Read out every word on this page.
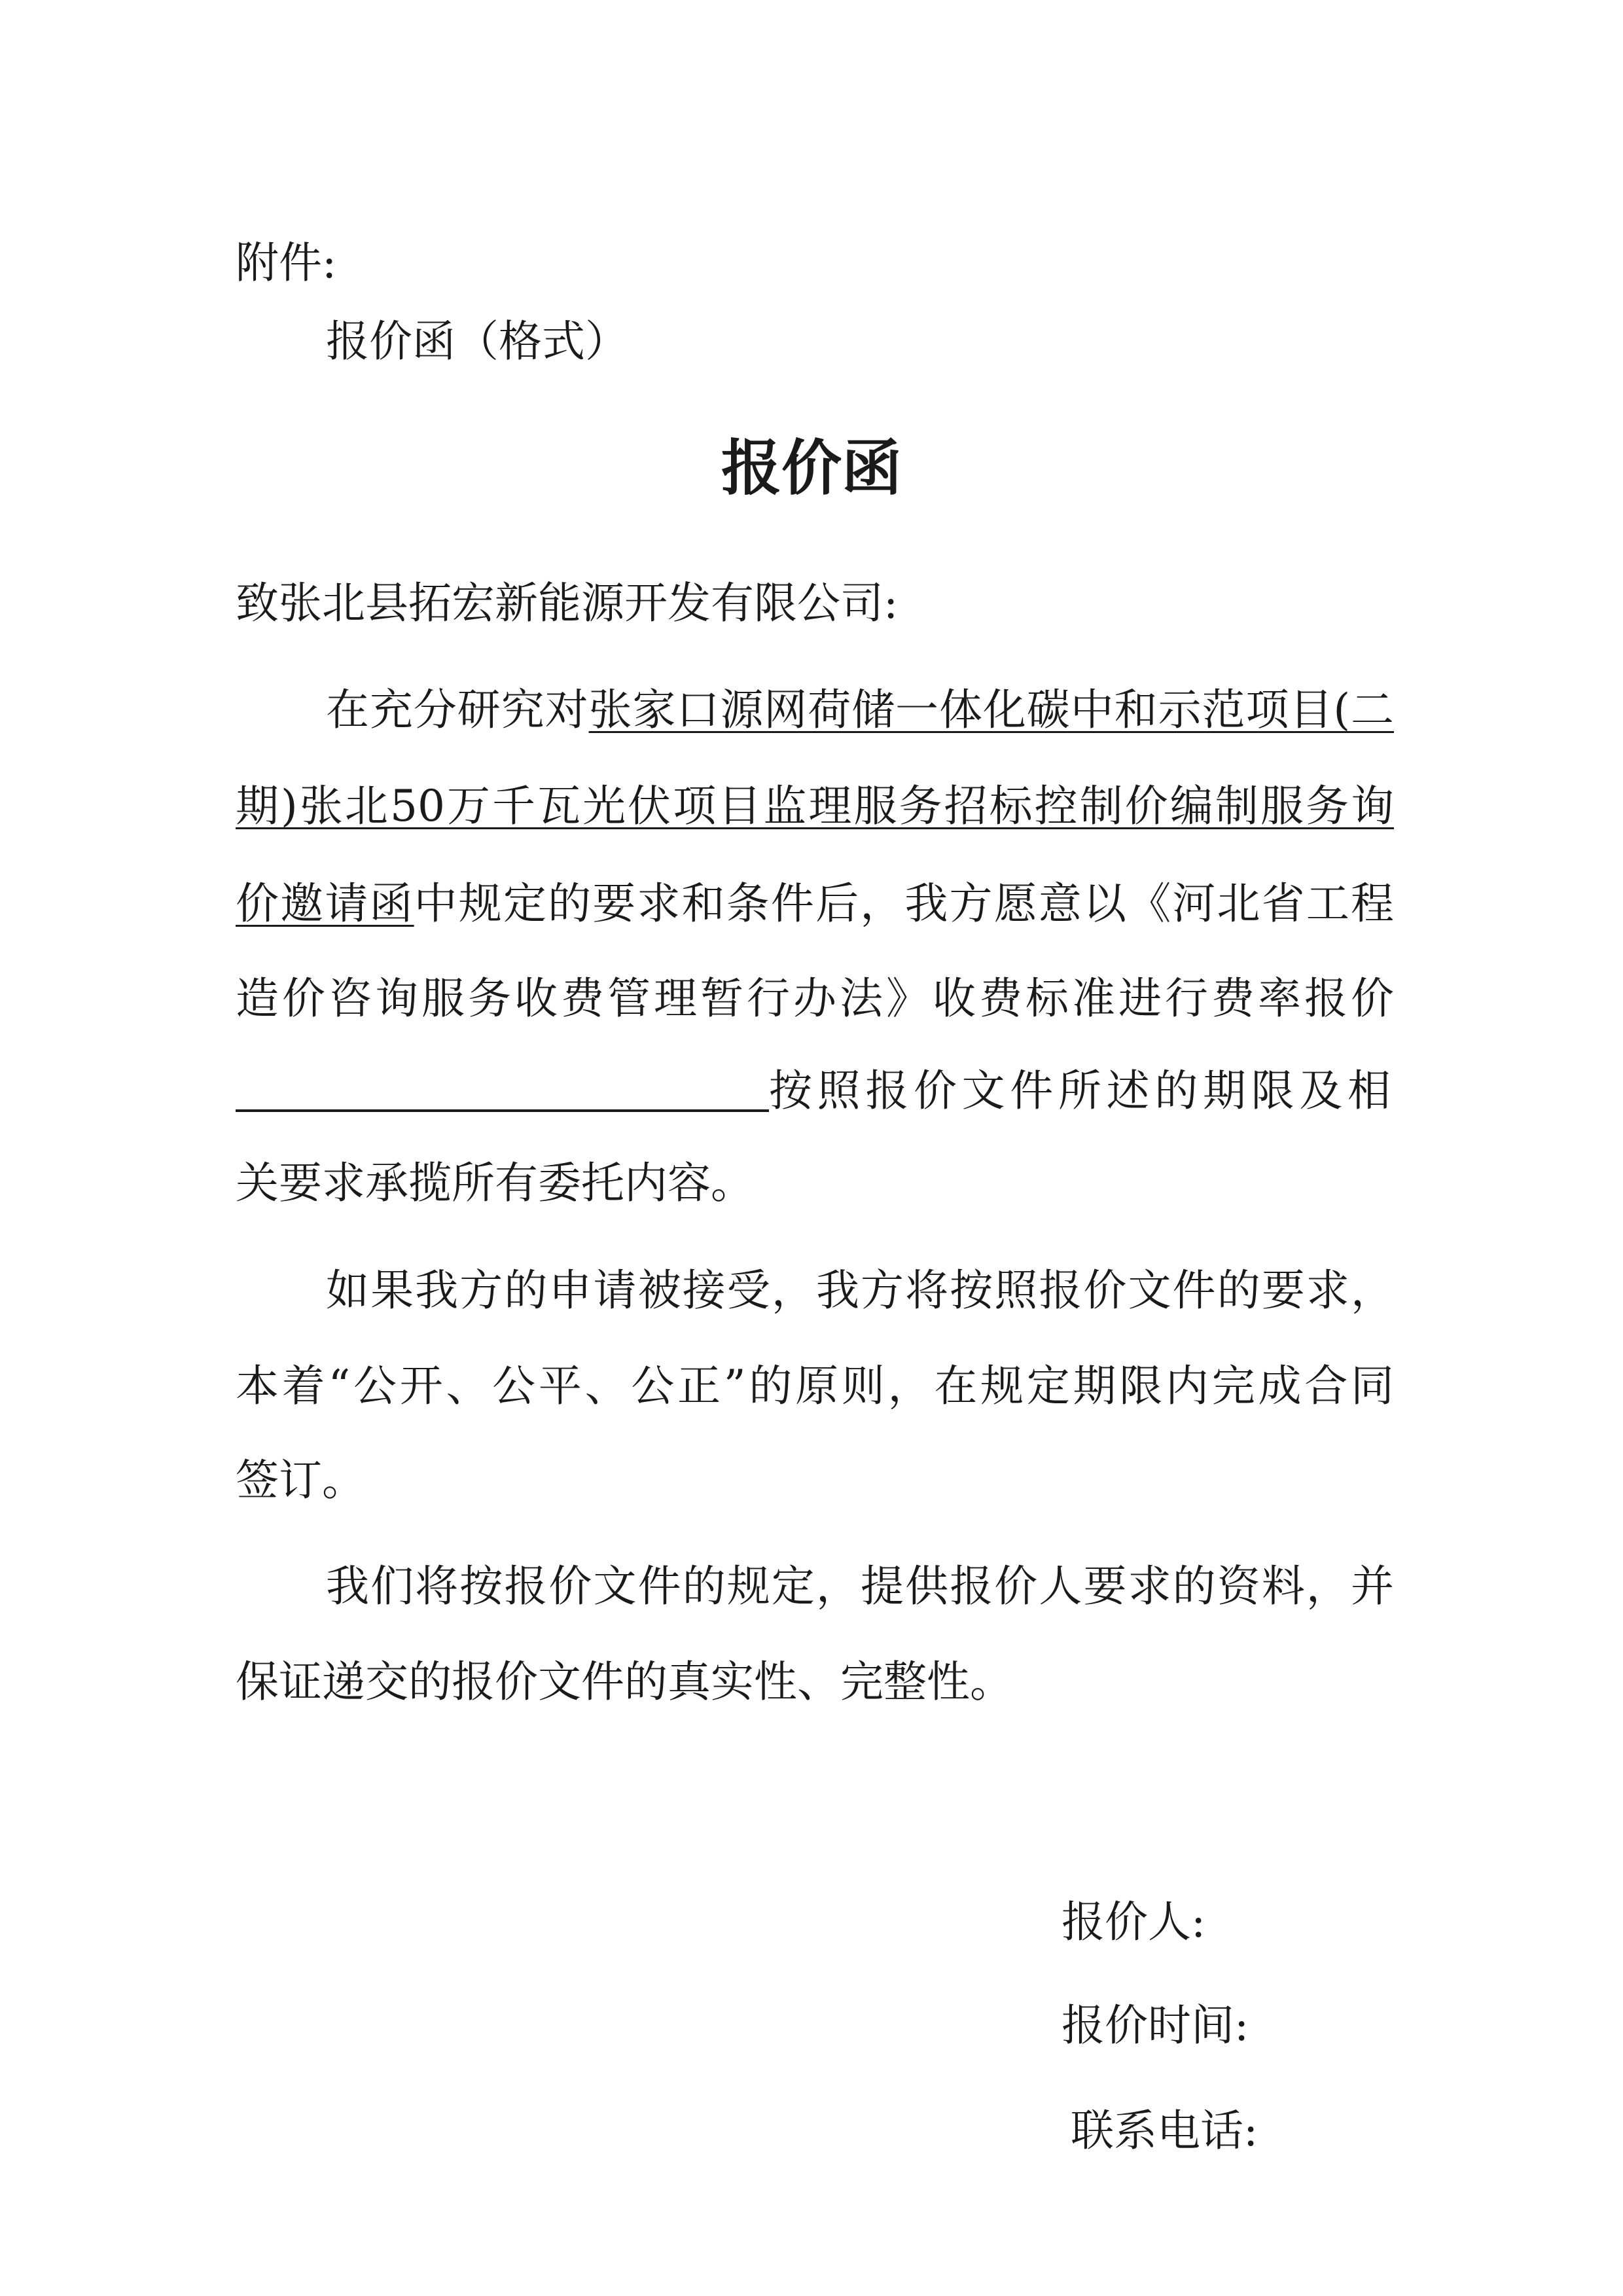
附件:
报价函（格式）
报价函
致张北县拓宏新能源开发有限公司:
在充分研究对张家口源网荷储一体化碳中和示范项目(二
期)张北50万千瓦光伏项目监理服务招标控制价编制服务询
价邀请函中规定的要求和条件后，我方愿意以《河北省工程
造价咨询服务收费管理暂行办法》收费标准进行费率报价
按照报价文件所述的期限及相
关要求承揽所有委托内容。
如果我方的申请被接受，我方将按照报价文件的要求，
本着“公开、公平、公正”的原则，在规定期限内完成合同
签订。
我们将按报价文件的规定，提供报价人要求的资料，并
保证递交的报价文件的真实性、完整性。
报价人:
报价时间:
联系电话:
